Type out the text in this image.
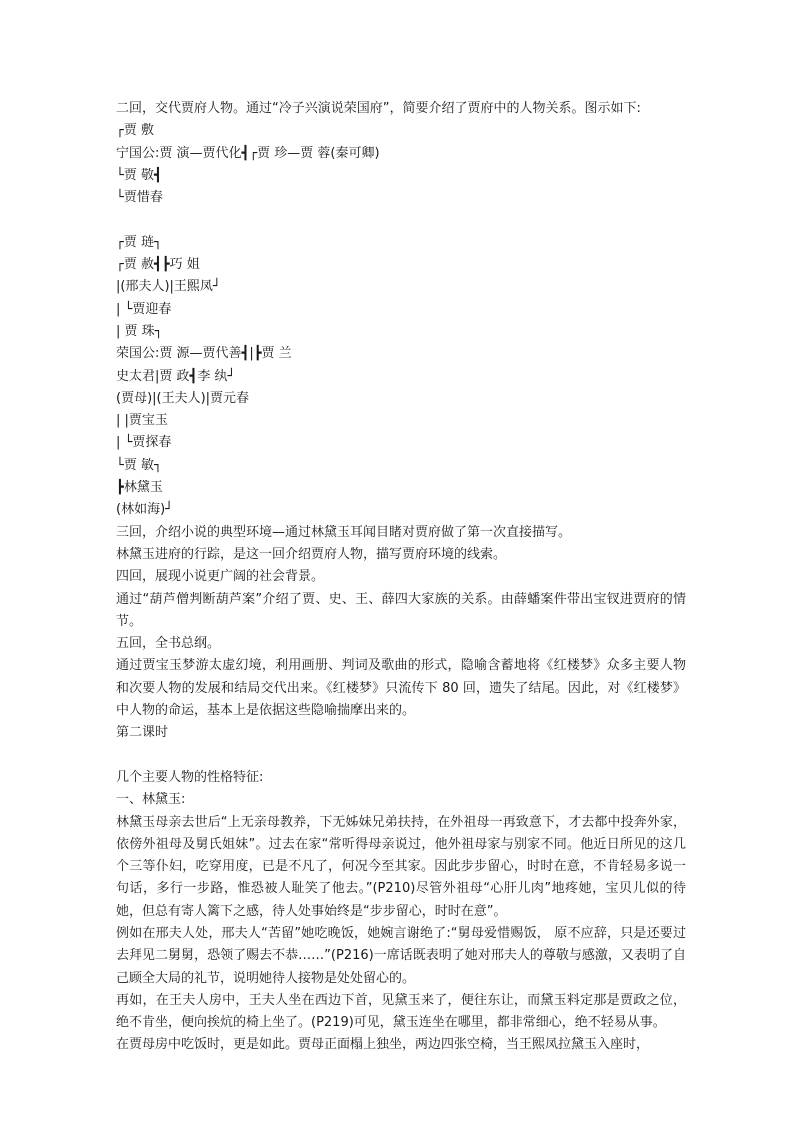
二回，交代贾府人物。通过“冷子兴演说荣国府”，简要介绍了贾府中的人物关系。图示如下:
┌贾 敷
宁国公:贾 演—贾代化┫┌贾 珍—贾 蓉(秦可卿)
└贾 敬┫
└贾惜春
┌贾 琏┐
┌贾 赦┫┣巧 姐
|(邢夫人)|王熙凤┘
| └贾迎春
| 贾 珠┐
荣国公:贾 源—贾代善┫|┣贾 兰
史太君|贾 政┫李 纨┘
(贾母)|(王夫人)|贾元春
| |贾宝玉
| └贾探春
└贾 敏┐
┣林黛玉
(林如海)┘
三回，介绍小说的典型环境—通过林黛玉耳闻目睹对贾府做了第一次直接描写。
林黛玉进府的行踪，是这一回介绍贾府人物，描写贾府环境的线索。
四回，展现小说更广阔的社会背景。
通过“葫芦僧判断葫芦案”介绍了贾、史、王、薛四大家族的关系。由薛蟠案件带出宝钗进贾府的情节。
五回，全书总纲。
通过贾宝玉梦游太虚幻境，利用画册、判词及歌曲的形式，隐喻含蓄地将《红楼梦》众多主要人物和次要人物的发展和结局交代出来。《红楼梦》只流传下 80 回，遗失了结尾。因此，对《红楼梦》中人物的命运，基本上是依据这些隐喻揣摩出来的。
第二课时
几个主要人物的性格特征:
一、林黛玉:
林黛玉母亲去世后“上无亲母教养，下无姊妹兄弟扶持，在外祖母一再致意下，才去都中投奔外家，依傍外祖母及舅氏姐妹”。过去在家“常听得母亲说过，他外祖母家与别家不同。他近日所见的这几个三等仆妇，吃穿用度，已是不凡了，何况今至其家。因此步步留心，时时在意，不肯轻易多说一句话，多行一步路，惟恐被人耻笑了他去。”(P210)尽管外祖母“心肝儿肉”地疼她，宝贝儿似的待她，但总有寄人篱下之感，待人处事始终是“步步留心，时时在意”。
例如在邢夫人处，邢夫人“苦留”她吃晚饭，她婉言谢绝了:“舅母爱惜赐饭， 原不应辞，只是还要过去拜见二舅舅，恐领了赐去不恭……”(P216)一席话既表明了她对邢夫人的尊敬与感激，又表明了自己顾全大局的礼节，说明她待人接物是处处留心的。
再如，在王夫人房中，王夫人坐在西边下首，见黛玉来了，便往东让，而黛玉料定那是贾政之位，绝不肯坐，便向挨炕的椅上坐了。(P219)可见，黛玉连坐在哪里，都非常细心，绝不轻易从事。
在贾母房中吃饭时，更是如此。贾母正面榻上独坐，两边四张空椅，当王熙凤拉黛玉入座时，
